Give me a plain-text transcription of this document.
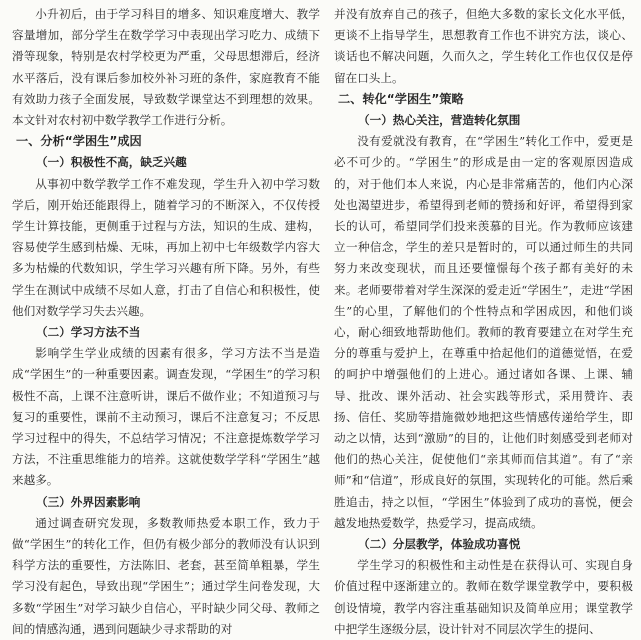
小升初后，由于学习科目的增多、知识难度增大、教学容量增加，部分学生在数学学习中表现出学习吃力、成绩下滑等现象，特别是农村学校更为严重，父母思想滞后，经济水平落后，没有课后参加校外补习班的条件，家庭教育不能有效助力孩子全面发展，导致数学课堂达不到理想的效果。本文针对农村初中数学教学工作进行分析。

一、分析“学困生”成因
（一）积极性不高，缺乏兴趣

从事初中数学教学工作不难发现，学生升入初中学习数学后，刚开始还能跟得上，随着学习的不断深入，不仅传授学生计算技能，更侧重于过程与方法，知识的生成、建构，容易使学生感到枯燥、无味，再加上初中七年级数学内容大多为枯燥的代数知识，学生学习兴趣有所下降。另外，有些学生在测试中成绩不尽如人意，打击了自信心和积极性，使他们对数学学习失去兴趣。

（二）学习方法不当

影响学生学业成绩的因素有很多，学习方法不当是造成“学困生”的一种重要因素。调查发现，“学困生”的学习积极性不高，上课不注意听讲，课后不做作业；不知道预习与复习的重要性，课前不主动预习，课后不注意复习；不反思学习过程中的得失，不总结学习情况；不注意提炼数学学习方法，不注重思维能力的培养。这就使数学学科“学困生”越来越多。

（三）外界因素影响

通过调查研究发现，多数教师热爱本职工作，致力于做“学困生”的转化工作，但仍有极少部分的教师没有认识到科学方法的重要性，方法陈旧、老套，甚至简单粗暴，学生学习没有起色，导致出现“学困生”；通过学生问卷发现，大多数“学困生”对学习缺少自信心，平时缺少同父母、教师之间的情感沟通，遇到问题缺少寻求帮助的对

并没有放弃自己的孩子，但绝大多数的家长文化水平低，更谈不上指导学生，思想教育工作也不讲究方法，谈心、谈话也不解决问题，久而久之，学生转化工作也仅仅是停留在口头上。

二、转化“学困生”策略
（一）热心关注，营造转化氛围

没有爱就没有教育，在“学困生”转化工作中，爱更是必不可少的。“学困生”的形成是由一定的客观原因造成的，对于他们本人来说，内心是非常痛苦的，他们内心深处也渴望进步，希望得到老师的赞扬和好评，希望得到家长的认可，希望同学们投来羡慕的目光。作为教师应该建立一种信念，学生的差只是暂时的，可以通过师生的共同努力来改变现状，而且还要憧憬每个孩子都有美好的未来。老师要带着对学生深深的爱走近“学困生”，走进“学困生”的心里，了解他们的个性特点和学困成因，和他们谈心，耐心细致地帮助他们。教师的教育要建立在对学生充分的尊重与爱护上，在尊重中拾起他们的道德觉悟，在爱的呵护中增强他们的上进心。通过诸如各课、上课、辅导、批改、课外活动、社会实践等形式，采用赞许、表扬、信任、奖励等措施微妙地把这些情感传递给学生，即动之以情，达到“激励”的目的，让他们时刻感受到老师对他们的热心关注，促使他们“亲其师而信其道”。有了“亲师”和“信道”，形成良好的氛围，实现转化的可能。然后乘胜追击，持之以恒，“学困生”体验到了成功的喜悦，便会越发地热爱数学，热爱学习，提高成绩。

（二）分层教学，体验成功喜悦

学生学习的积极性和主动性是在获得认可、实现自身价值过程中逐渐建立的。教师在数学课堂教学中，要积极创设情境，教学内容注重基础知识及简单应用；课堂教学中把学生逐级分层，设计针对不同层次学生的提问、
